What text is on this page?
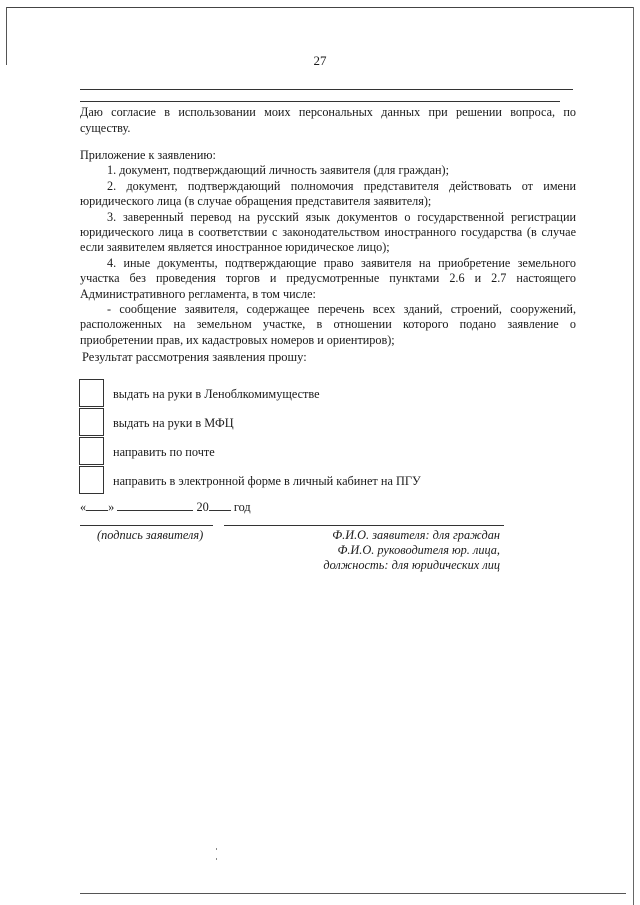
27
Даю согласие в использовании моих персональных данных при решении вопроса, по существу.

Приложение к заявлению:

1. документ, подтверждающий личность заявителя (для граждан);

2. документ, подтверждающий полномочия представителя действовать от имени юридического лица (в случае обращения представителя заявителя);

3. заверенный перевод на русский язык документов о государственной регистрации юридического лица в соответствии с законодательством иностранного государства (в случае если заявителем является иностранное юридическое лицо);

4. иные документы, подтверждающие право заявителя на приобретение земельного участка без проведения торгов и предусмотренные пунктами 2.6 и 2.7 настоящего Административного регламента, в том числе:

- сообщение заявителя, содержащее перечень всех зданий, строений, сооружений, расположенных на земельном участке, в отношении которого подано заявление о приобретении прав, их кадастровых номеров и ориентиров);

Результат рассмотрения заявления прошу:
выдать на руки в Леноблкомимуществе
выдать на руки в МФЦ
направить по почте
направить в электронной форме в личный кабинет на ПГУ
« »	20 год
(подпись заявителя)	Ф.И.О. заявителя: для граждан
Ф.И.О. руководителя юр. лица,
должность: для юридических лиц
